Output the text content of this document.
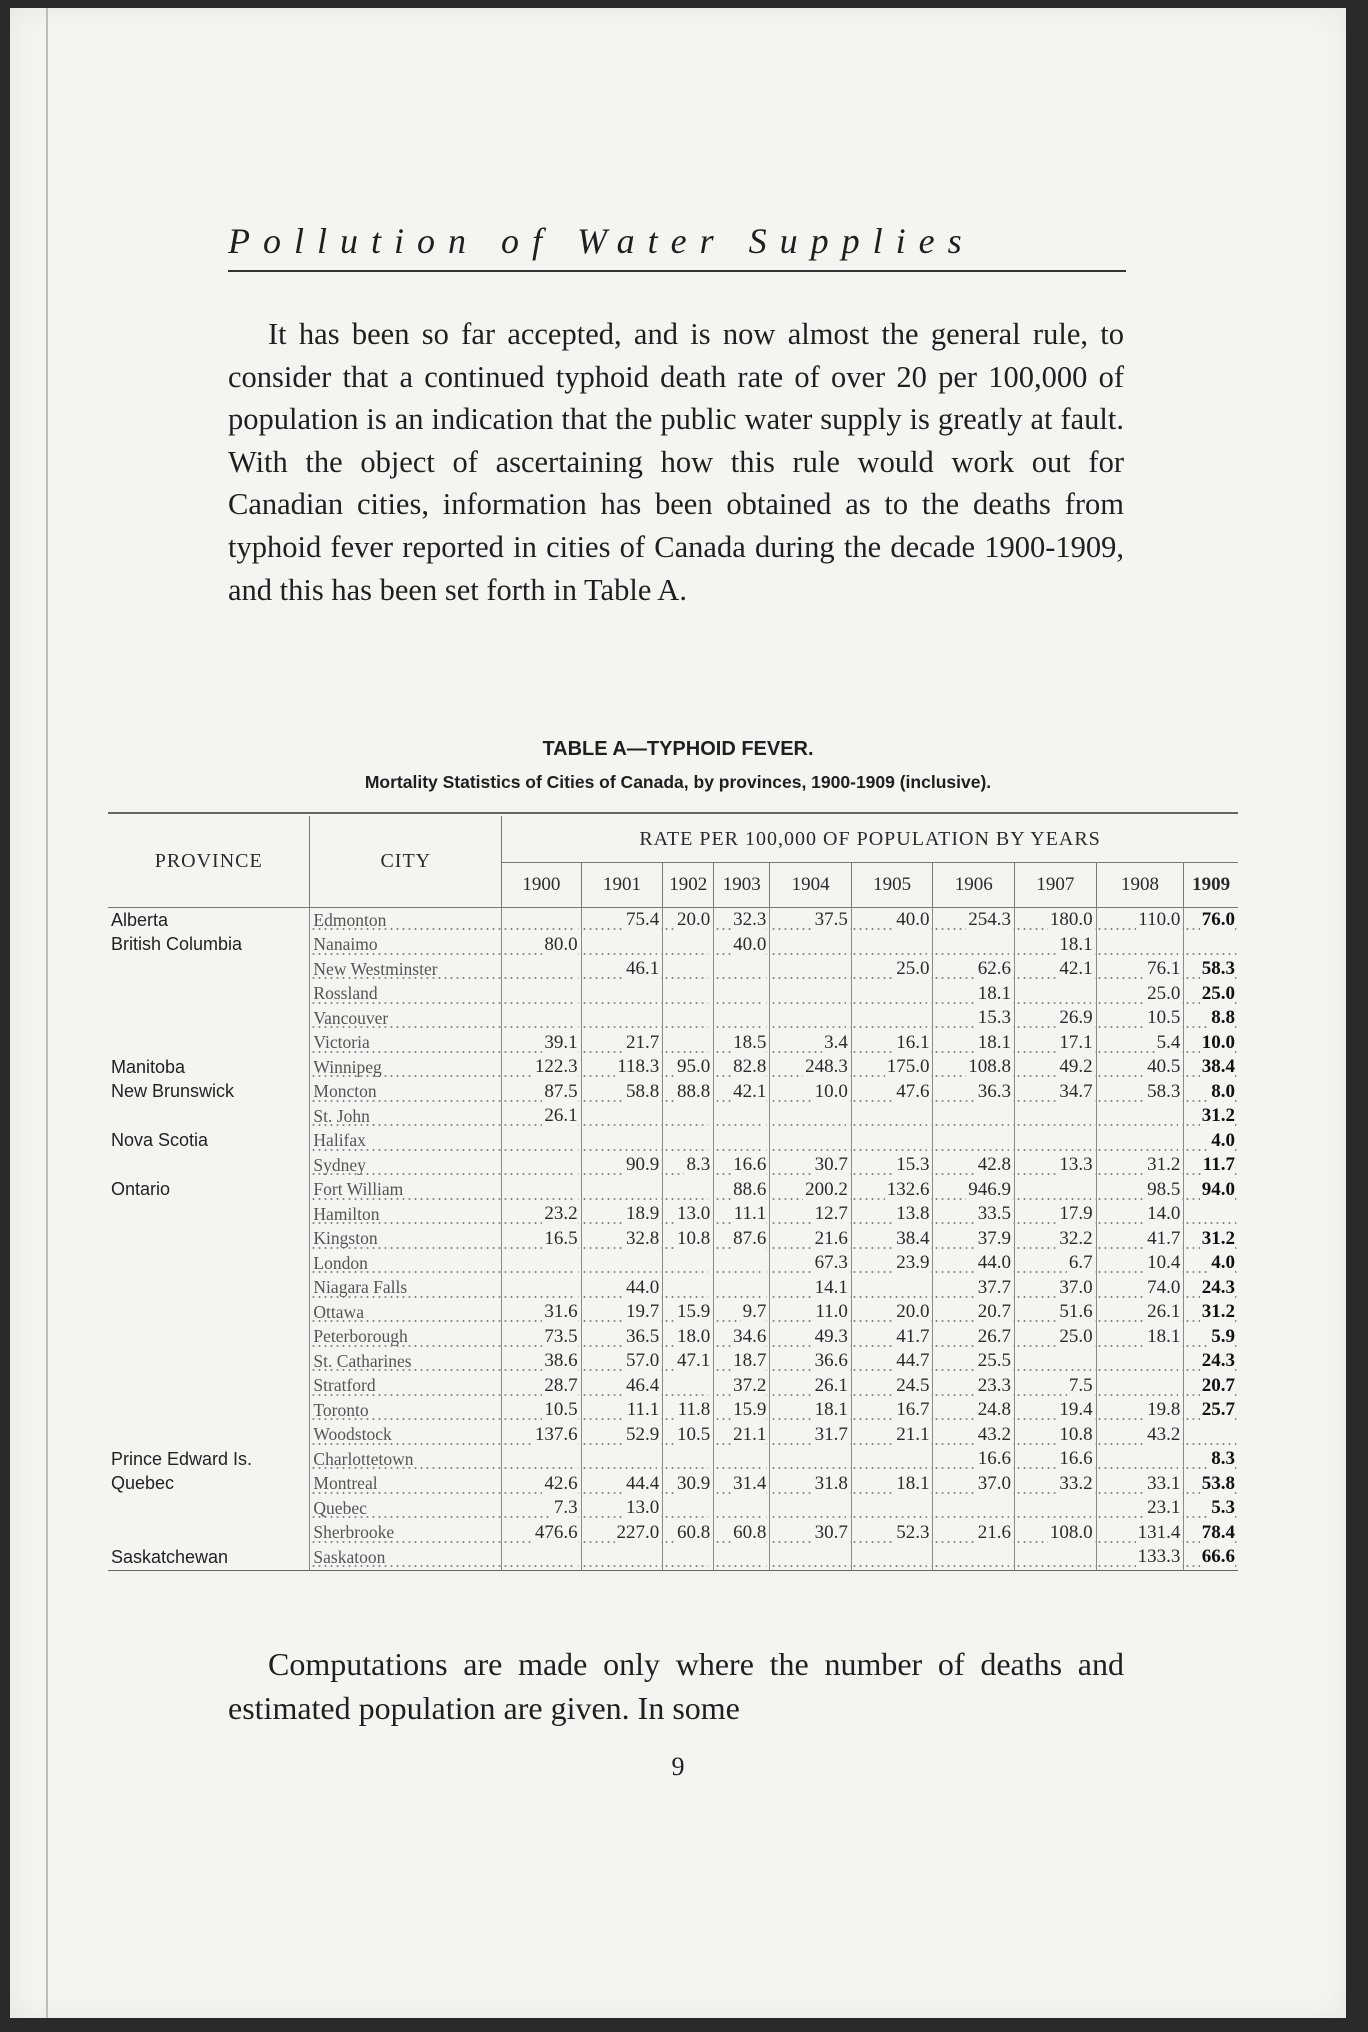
Pollution of Water Supplies

It has been so far accepted, and is now almost the general rule, to consider that a continued typhoid death rate of over 20 per 100,000 of population is an indication that the public water supply is greatly at fault. With the object of ascertaining how this rule would work out for Canadian cities, information has been obtained as to the deaths from typhoid fever reported in cities of Canada during the decade 1900-1909, and this has been set forth in Table A.

TABLE A—TYPHOID FEVER.
Mortality Statistics of Cities of Canada, by provinces, 1900-1909 (inclusive).
PROVINCE	CITY	RATE PER 100,000 OF POPULATION BY YEARS									
		1900	1901	1902	1903	1904	1905	1906	1907	1908	1909
Alberta	Edmonton		75.4	20.0	32.3	37.5	40.0	254.3	180.0	110.0	76.0
British Columbia	Nanaimo	80.0			40.0				18.1		
	New Westminster		46.1				25.0	62.6	42.1	76.1	58.3
	Rossland							18.1		25.0	25.0
	Vancouver							15.3	26.9	10.5	8.8
	Victoria	39.1	21.7		18.5	3.4	16.1	18.1	17.1	5.4	10.0
Manitoba	Winnipeg	122.3	118.3	95.0	82.8	248.3	175.0	108.8	49.2	40.5	38.4
New Brunswick	Moncton	87.5	58.8	88.8	42.1	10.0	47.6	36.3	34.7	58.3	8.0
	St. John	26.1									31.2
Nova Scotia	Halifax										4.0
	Sydney		90.9	8.3	16.6	30.7	15.3	42.8	13.3	31.2	11.7
Ontario	Fort William				88.6	200.2	132.6	946.9		98.5	94.0
	Hamilton	23.2	18.9	13.0	11.1	12.7	13.8	33.5	17.9	14.0	
	Kingston	16.5	32.8	10.8	87.6	21.6	38.4	37.9	32.2	41.7	31.2
	London					67.3	23.9	44.0	6.7	10.4	4.0
	Niagara Falls		44.0			14.1		37.7	37.0	74.0	24.3
	Ottawa	31.6	19.7	15.9	9.7	11.0	20.0	20.7	51.6	26.1	31.2
	Peterborough	73.5	36.5	18.0	34.6	49.3	41.7	26.7	25.0	18.1	5.9
	St. Catharines	38.6	57.0	47.1	18.7	36.6	44.7	25.5			24.3
	Stratford	28.7	46.4		37.2	26.1	24.5	23.3	7.5		20.7
	Toronto	10.5	11.1	11.8	15.9	18.1	16.7	24.8	19.4	19.8	25.7
	Woodstock	137.6	52.9	10.5	21.1	31.7	21.1	43.2	10.8	43.2	
Prince Edward Is.	Charlottetown							16.6	16.6		8.3
Quebec	Montreal	42.6	44.4	30.9	31.4	31.8	18.1	37.0	33.2	33.1	53.8
	Quebec	7.3	13.0							23.1	5.3
	Sherbrooke	476.6	227.0	60.8	60.8	30.7	52.3	21.6	108.0	131.4	78.4
Saskatchewan	Saskatoon									133.3	66.6

Computations are made only where the number of deaths and estimated population are given. In some

9
